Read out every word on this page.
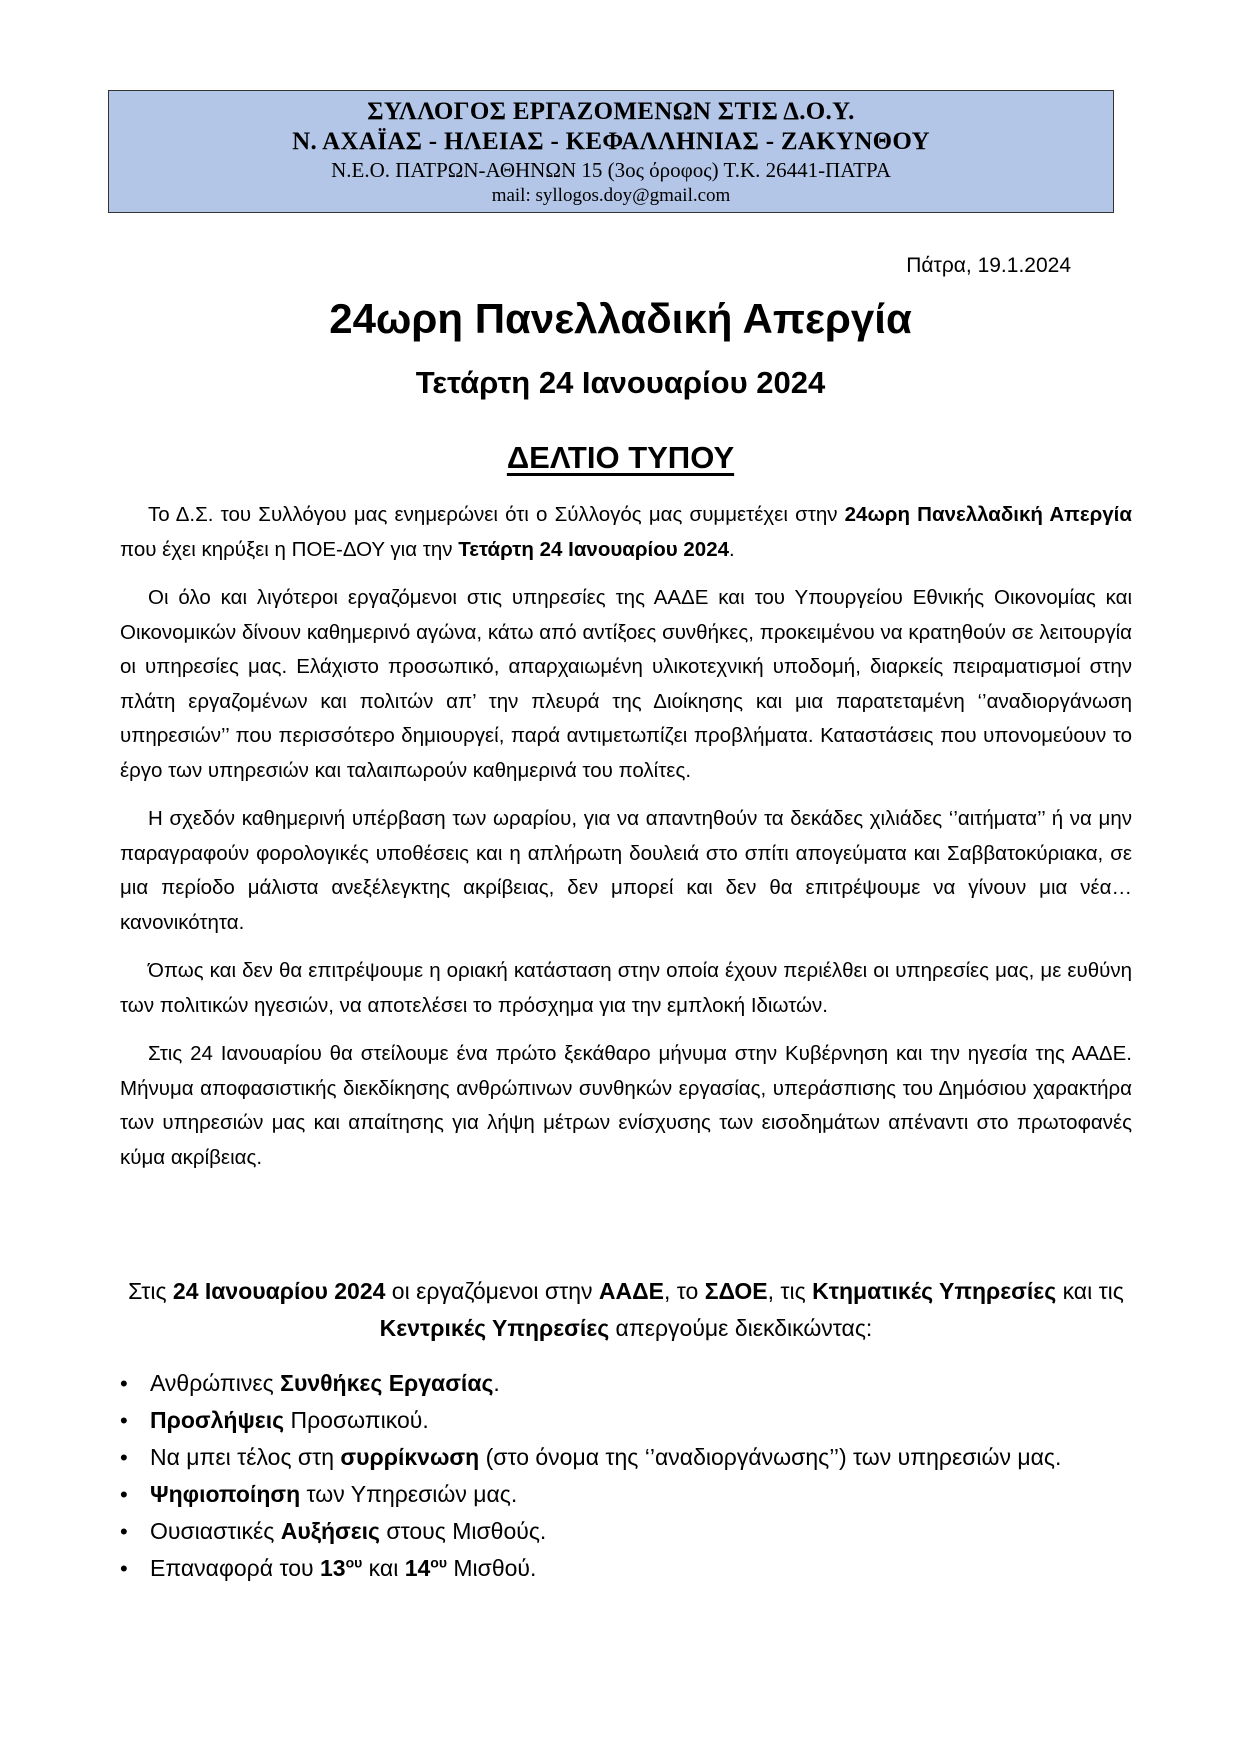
ΣΥΛΛΟΓΟΣ ΕΡΓΑΖΟΜΕΝΩΝ ΣΤΙΣ Δ.Ο.Υ.
Ν. ΑΧΑΪΑΣ - ΗΛΕΙΑΣ - ΚΕΦΑΛΛΗΝΙΑΣ - ΖΑΚΥΝΘΟΥ
Ν.Ε.Ο. ΠΑΤΡΩΝ-ΑΘΗΝΩΝ 15 (3ος όροφος) Τ.Κ. 26441-ΠΑΤΡΑ
mail: syllogos.doy@gmail.com
Πάτρα, 19.1.2024
24ωρη Πανελλαδική Απεργία
Τετάρτη 24 Ιανουαρίου 2024
ΔΕΛΤΙΟ ΤΥΠΟΥ

Το Δ.Σ. του Συλλόγου μας ενημερώνει ότι ο Σύλλογός μας συμμετέχει στην 24ωρη Πανελλαδική Απεργία που έχει κηρύξει η ΠΟΕ-ΔΟΥ για την Τετάρτη 24 Ιανουαρίου 2024.

Οι όλο και λιγότεροι εργαζόμενοι στις υπηρεσίες της ΑΑΔΕ και του Υπουργείου Εθνικής Οικονομίας και Οικονομικών δίνουν καθημερινό αγώνα, κάτω από αντίξοες συνθήκες, προκειμένου να κρατηθούν σε λειτουργία οι υπηρεσίες μας. Ελάχιστο προσωπικό, απαρχαιωμένη υλικοτεχνική υποδομή, διαρκείς πειραματισμοί στην πλάτη εργαζομένων και πολιτών απ’ την πλευρά της Διοίκησης και μια παρατεταμένη ‘’αναδιοργάνωση υπηρεσιών’’ που περισσότερο δημιουργεί, παρά αντιμετωπίζει προβλήματα. Καταστάσεις που υπονομεύουν το έργο των υπηρεσιών και ταλαιπωρούν καθημερινά του πολίτες.

Η σχεδόν καθημερινή υπέρβαση των ωραρίου, για να απαντηθούν τα δεκάδες χιλιάδες ‘’αιτήματα’’ ή να μην παραγραφούν φορολογικές υποθέσεις και η απλήρωτη δουλειά στο σπίτι απογεύματα και Σαββατοκύριακα, σε μια περίοδο μάλιστα ανεξέλεγκτης ακρίβειας, δεν μπορεί και δεν θα επιτρέψουμε να γίνουν μια νέα… κανονικότητα.

Όπως και δεν θα επιτρέψουμε η οριακή κατάσταση στην οποία έχουν περιέλθει οι υπηρεσίες μας, με ευθύνη των πολιτικών ηγεσιών, να αποτελέσει το πρόσχημα για την εμπλοκή Ιδιωτών.

Στις 24 Ιανουαρίου θα στείλουμε ένα πρώτο ξεκάθαρο μήνυμα στην Κυβέρνηση και την ηγεσία της ΑΑΔΕ. Μήνυμα αποφασιστικής διεκδίκησης ανθρώπινων συνθηκών εργασίας, υπεράσπισης του Δημόσιου χαρακτήρα των υπηρεσιών μας και απαίτησης για λήψη μέτρων ενίσχυσης των εισοδημάτων απέναντι στο πρωτοφανές κύμα ακρίβειας.

Στις 24 Ιανουαρίου 2024 οι εργαζόμενοι στην ΑΑΔΕ, το ΣΔΟΕ, τις Κτηματικές Υπηρεσίες και τις Κεντρικές Υπηρεσίες απεργούμε διεκδικώντας:
• Ανθρώπινες Συνθήκες Εργασίας.
• Προσλήψεις Προσωπικού.
• Να μπει τέλος στη συρρίκνωση (στο όνομα της ‘’αναδιοργάνωσης’’) των υπηρεσιών μας.
• Ψηφιοποίηση των Υπηρεσιών μας.
• Ουσιαστικές Αυξήσεις στους Μισθούς.
• Επαναφορά του $13^{o\upsilon}$ και $14^{o\upsilon}$ Μισθού.
